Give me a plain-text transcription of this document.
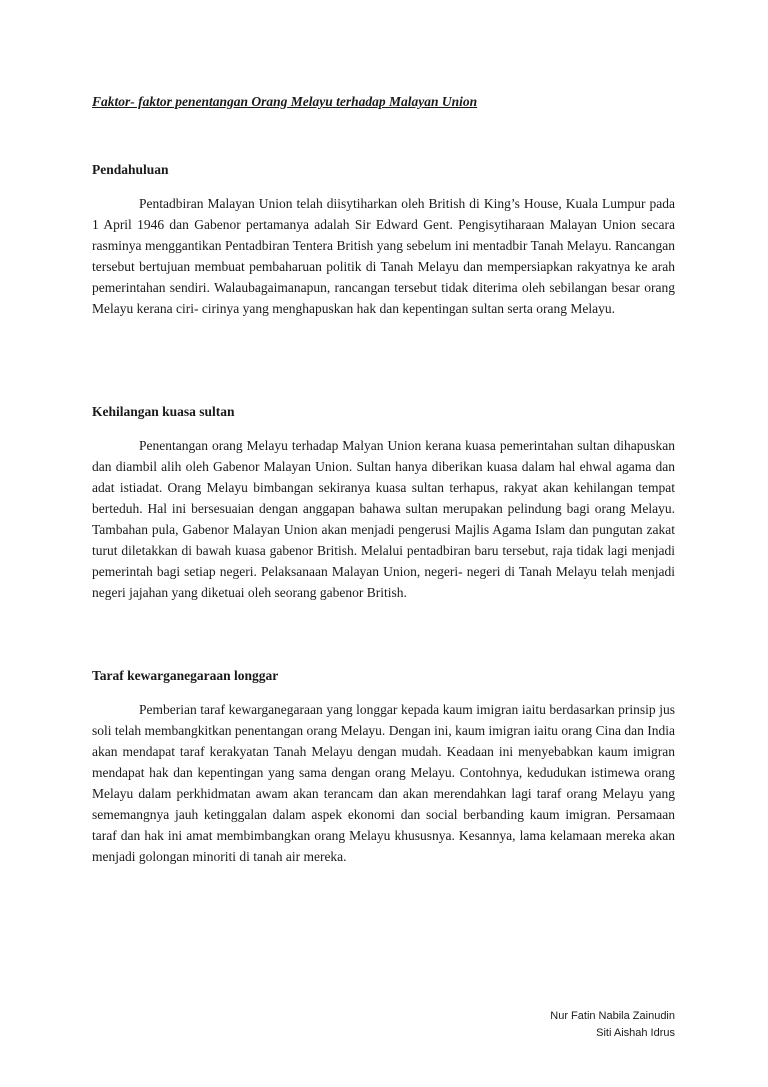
Faktor- faktor penentangan Orang Melayu terhadap Malayan Union
Pendahuluan

Pentadbiran Malayan Union telah diisytiharkan oleh British di King’s House, Kuala Lumpur pada 1 April 1946 dan Gabenor pertamanya adalah Sir Edward Gent. Pengisytiharaan Malayan Union secara rasminya menggantikan Pentadbiran Tentera British yang sebelum ini mentadbir Tanah Melayu. Rancangan tersebut bertujuan membuat pembaharuan politik di Tanah Melayu dan mempersiapkan rakyatnya ke arah pemerintahan sendiri. Walaubagaimanapun, rancangan tersebut tidak diterima oleh sebilangan besar orang Melayu kerana ciri- cirinya yang menghapuskan hak dan kepentingan sultan serta orang Melayu.

Kehilangan kuasa sultan

Penentangan orang Melayu terhadap Malyan Union kerana kuasa pemerintahan sultan dihapuskan dan diambil alih oleh Gabenor Malayan Union. Sultan hanya diberikan kuasa dalam hal ehwal agama dan adat istiadat. Orang Melayu bimbangan sekiranya kuasa sultan terhapus, rakyat akan kehilangan tempat berteduh. Hal ini bersesuaian dengan anggapan bahawa sultan merupakan pelindung bagi orang Melayu. Tambahan pula, Gabenor Malayan Union akan menjadi pengerusi Majlis Agama Islam dan pungutan zakat turut diletakkan di bawah kuasa gabenor British. Melalui pentadbiran baru tersebut, raja tidak lagi menjadi pemerintah bagi setiap negeri. Pelaksanaan Malayan Union, negeri- negeri di Tanah Melayu telah menjadi negeri jajahan yang diketuai oleh seorang gabenor British.

Taraf kewarganegaraan longgar

Pemberian taraf kewarganegaraan yang longgar kepada kaum imigran iaitu berdasarkan prinsip jus soli telah membangkitkan penentangan orang Melayu. Dengan ini, kaum imigran iaitu orang Cina dan India akan mendapat taraf kerakyatan Tanah Melayu dengan mudah. Keadaan ini menyebabkan kaum imigran mendapat hak dan kepentingan yang sama dengan orang Melayu. Contohnya, kedudukan istimewa orang Melayu dalam perkhidmatan awam akan terancam dan akan merendahkan lagi taraf orang Melayu yang sememangnya jauh ketinggalan dalam aspek ekonomi dan social berbanding kaum imigran. Persamaan taraf dan hak ini amat membimbangkan orang Melayu khususnya. Kesannya, lama kelamaan mereka akan menjadi golongan minoriti di tanah air mereka.

Nur Fatin Nabila Zainudin
Siti Aishah Idrus
